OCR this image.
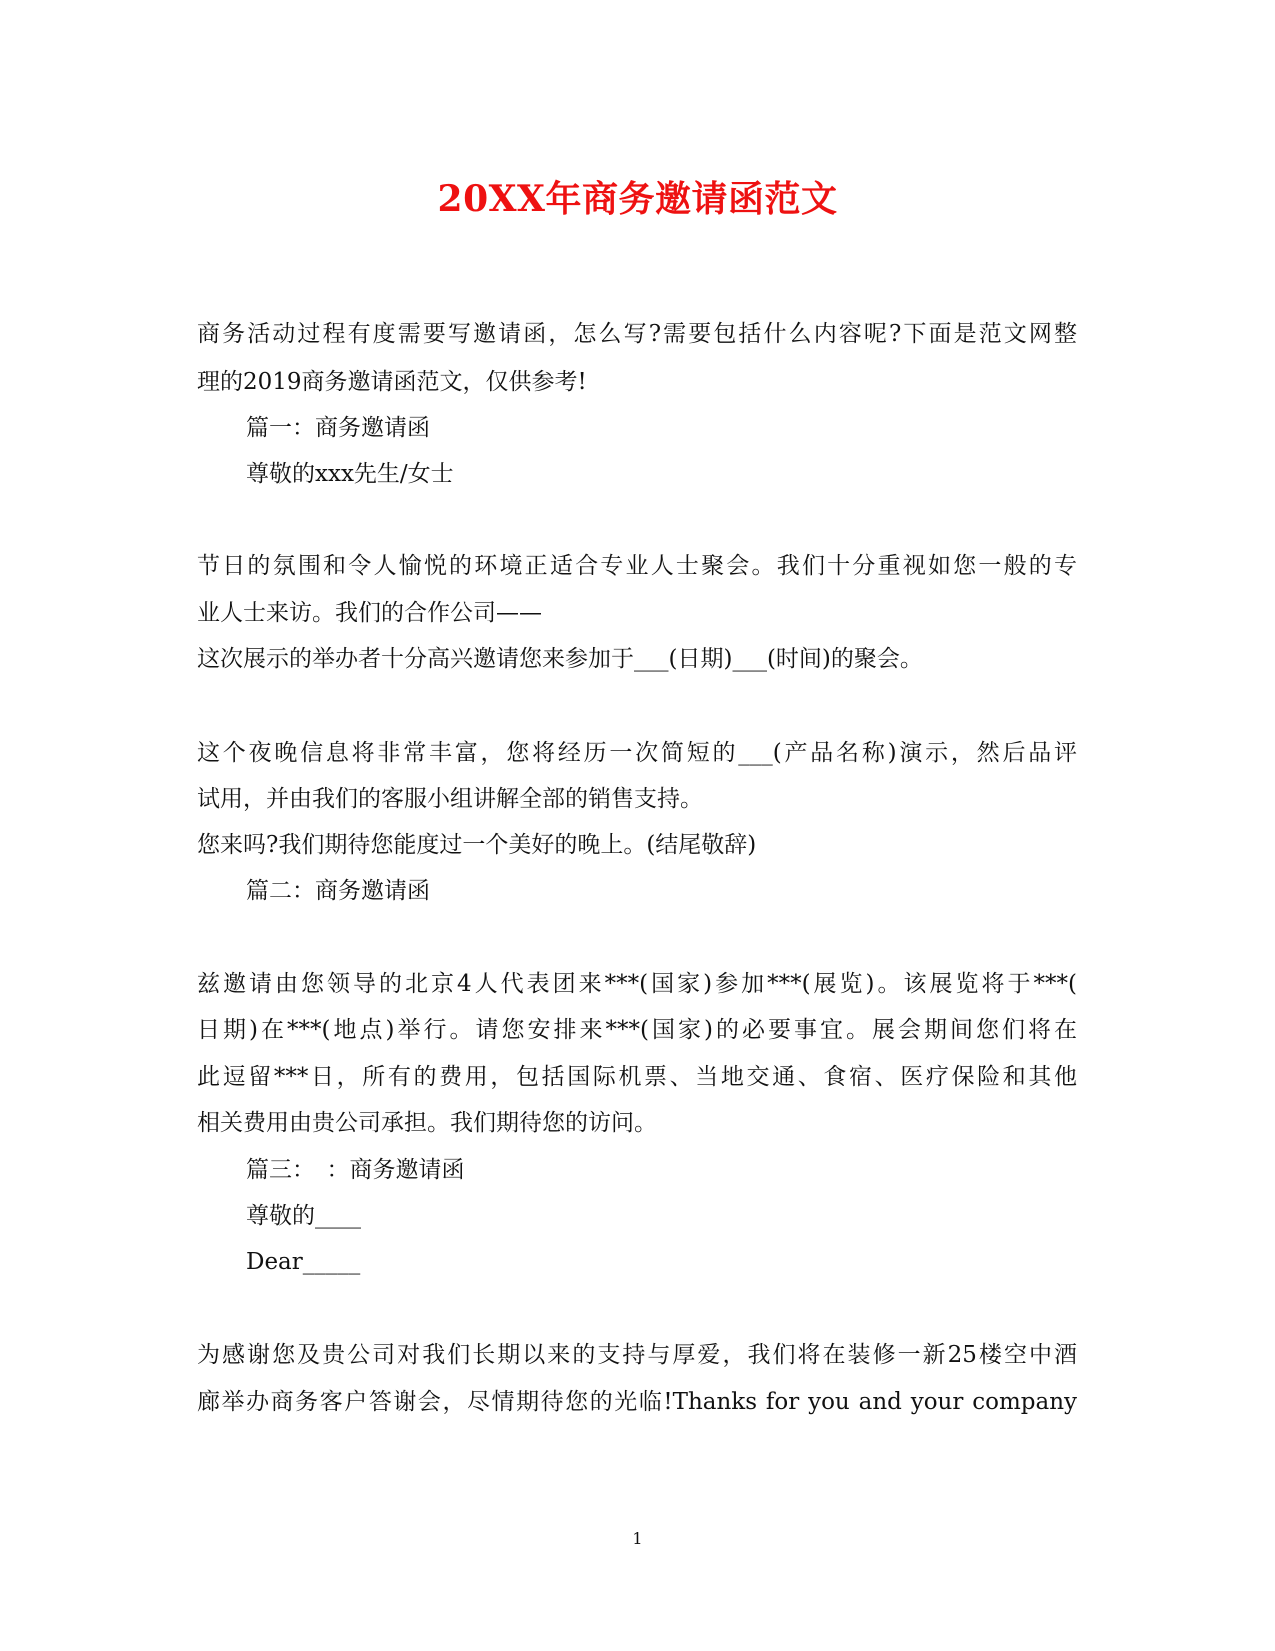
20XX年商务邀请函范文
商务活动过程有度需要写邀请函，怎么写?需要包括什么内容呢?下面是范文网整
理的2019商务邀请函范文，仅供参考!
篇一：商务邀请函
尊敬的xxx先生/女士
节日的氛围和令人愉悦的环境正适合专业人士聚会。我们十分重视如您一般的专
业人士来访。我们的合作公司——
这次展示的举办者十分高兴邀请您来参加于___(日期)___(时间)的聚会。
这个夜晚信息将非常丰富，您将经历一次简短的___(产品名称)演示，然后品评
试用，并由我们的客服小组讲解全部的销售支持。
您来吗?我们期待您能度过一个美好的晚上。(结尾敬辞)
篇二：商务邀请函
兹邀请由您领导的北京4人代表团来***(国家)参加***(展览)。该展览将于***(
日期)在***(地点)举行。请您安排来***(国家)的必要事宜。展会期间您们将在
此逗留***日，所有的费用，包括国际机票、当地交通、食宿、医疗保险和其他
相关费用由贵公司承担。我们期待您的访问。
篇三：　：商务邀请函
尊敬的____
Dear_____
为感谢您及贵公司对我们长期以来的支持与厚爱，我们将在装修一新25楼空中酒
廊举办商务客户答谢会，尽情期待您的光临!Thanks for you and your company
1
